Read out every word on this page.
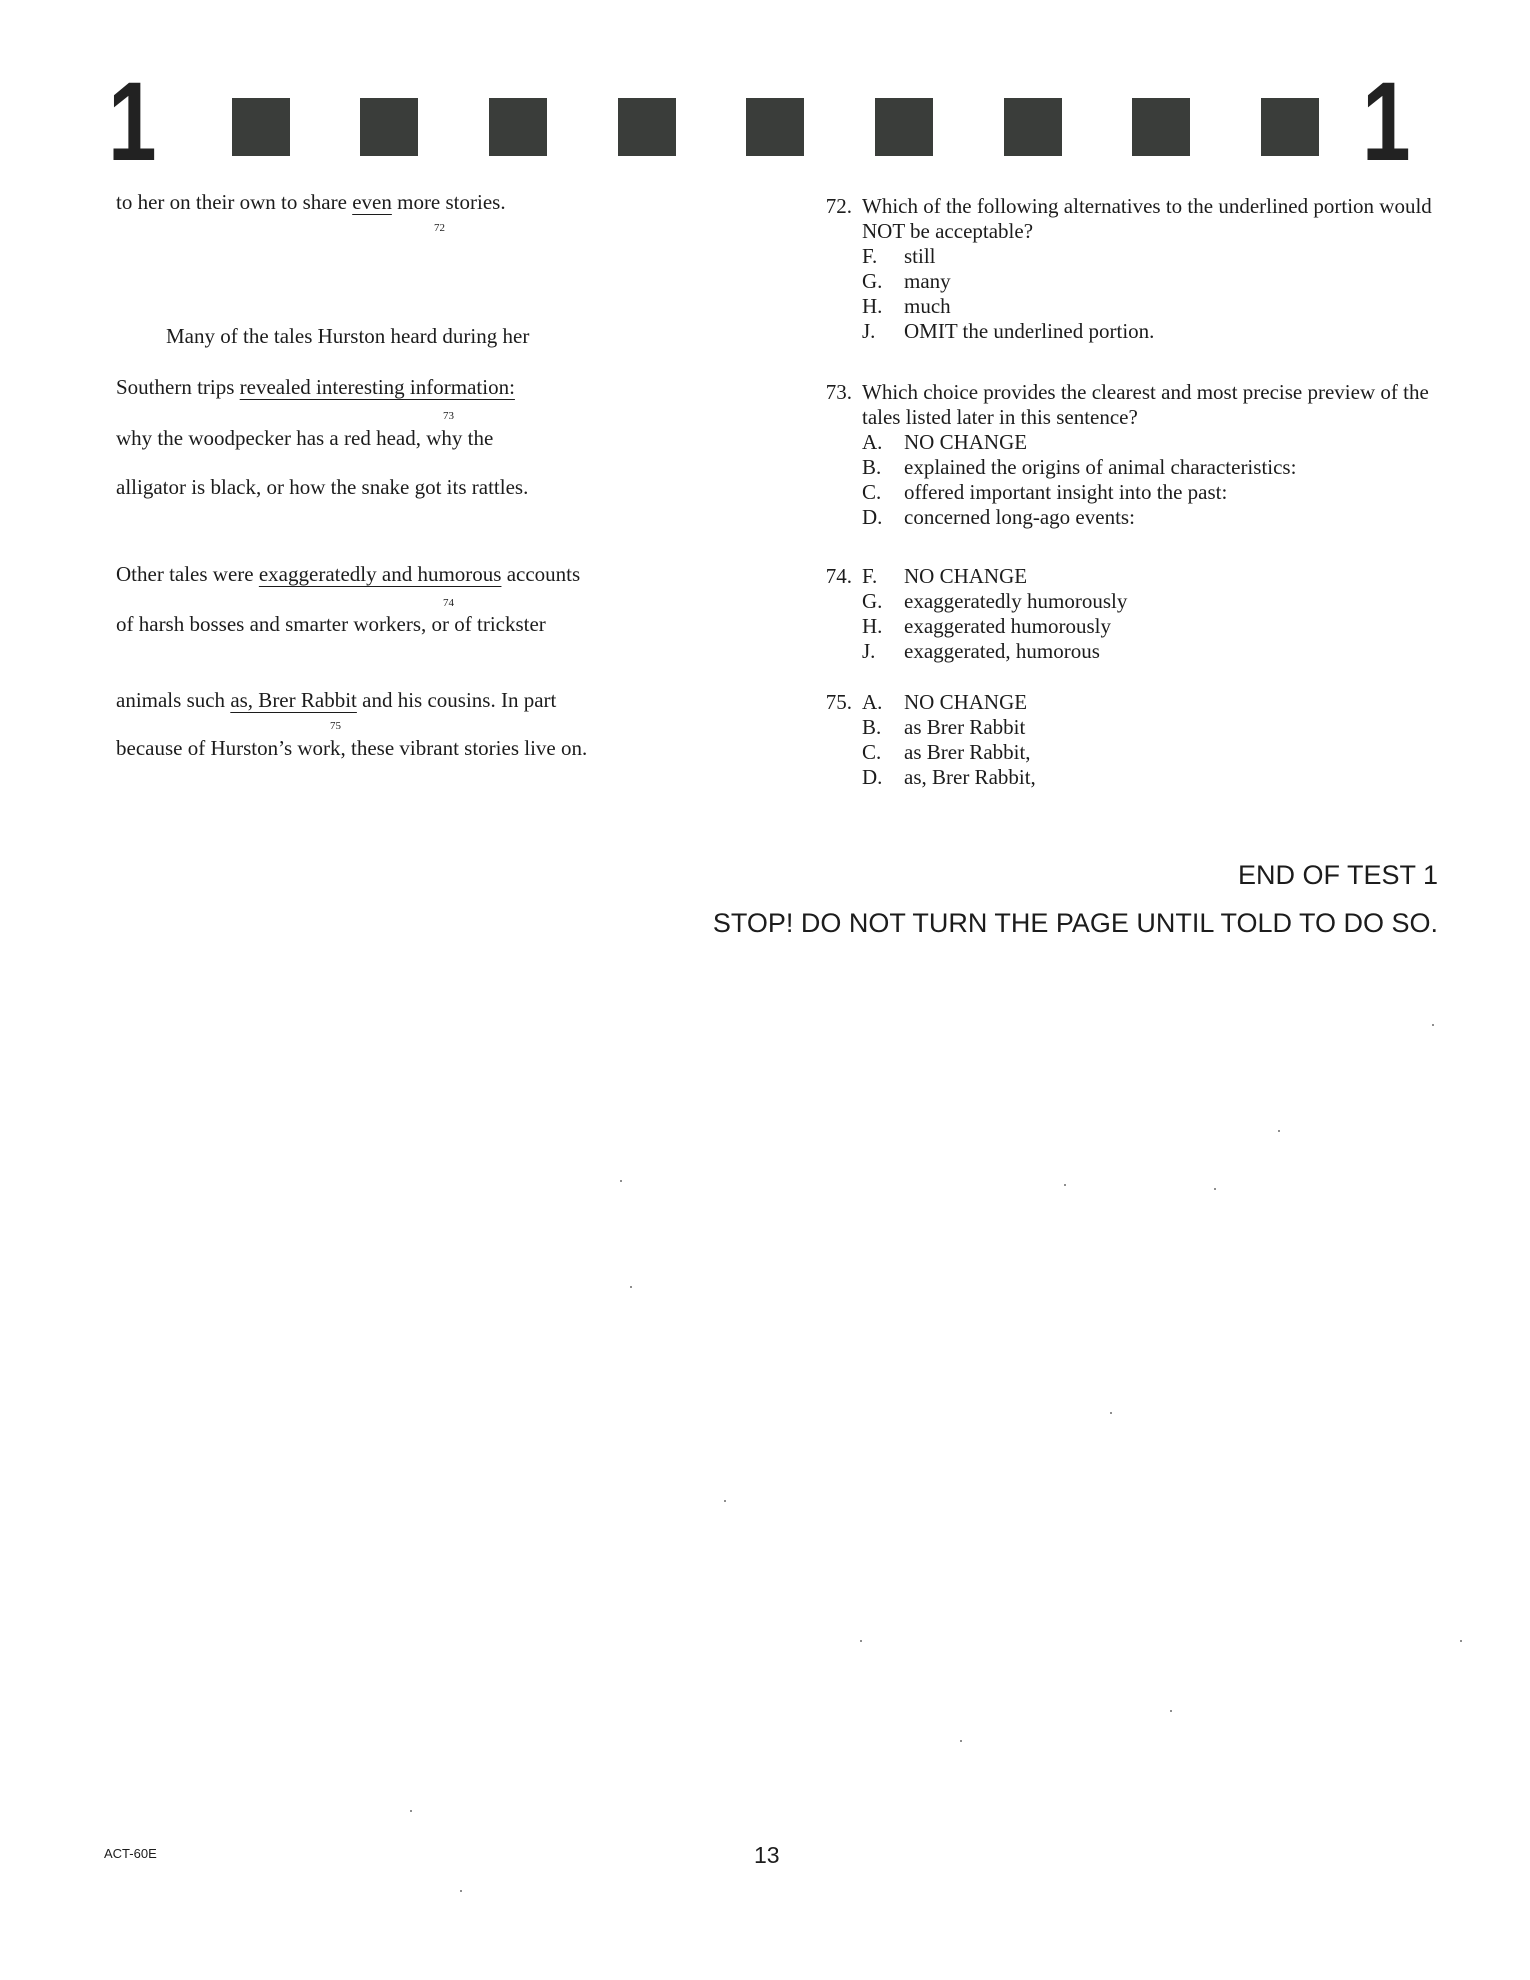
1	1
to her on their own to share even more stories.
72
Many of the tales Hurston heard during her
Southern trips revealed interesting information:
73
why the woodpecker has a red head, why the
alligator is black, or how the snake got its rattles.
Other tales were exaggeratedly and humorous accounts
74
of harsh bosses and smarter workers, or of trickster
animals such as, Brer Rabbit and his cousins. In part
75
because of Hurston’s work, these vibrant stories live on.
72. Which of the following alternatives to the underlined portion would NOT be acceptable?
F.	still
G.	many
H.	much
J.	OMIT the underlined portion.
73. Which choice provides the clearest and most precise preview of the tales listed later in this sentence?
A.	NO CHANGE
B.	explained the origins of animal characteristics:
C.	offered important insight into the past:
D.	concerned long-ago events:
74. F.	NO CHANGE
G.	exaggeratedly humorously
H.	exaggerated humorously
J.	exaggerated, humorous
75. A.	NO CHANGE
B.	as Brer Rabbit
C.	as Brer Rabbit,
D.	as, Brer Rabbit,
END OF TEST 1
STOP! DO NOT TURN THE PAGE UNTIL TOLD TO DO SO.
ACT-60E	13
